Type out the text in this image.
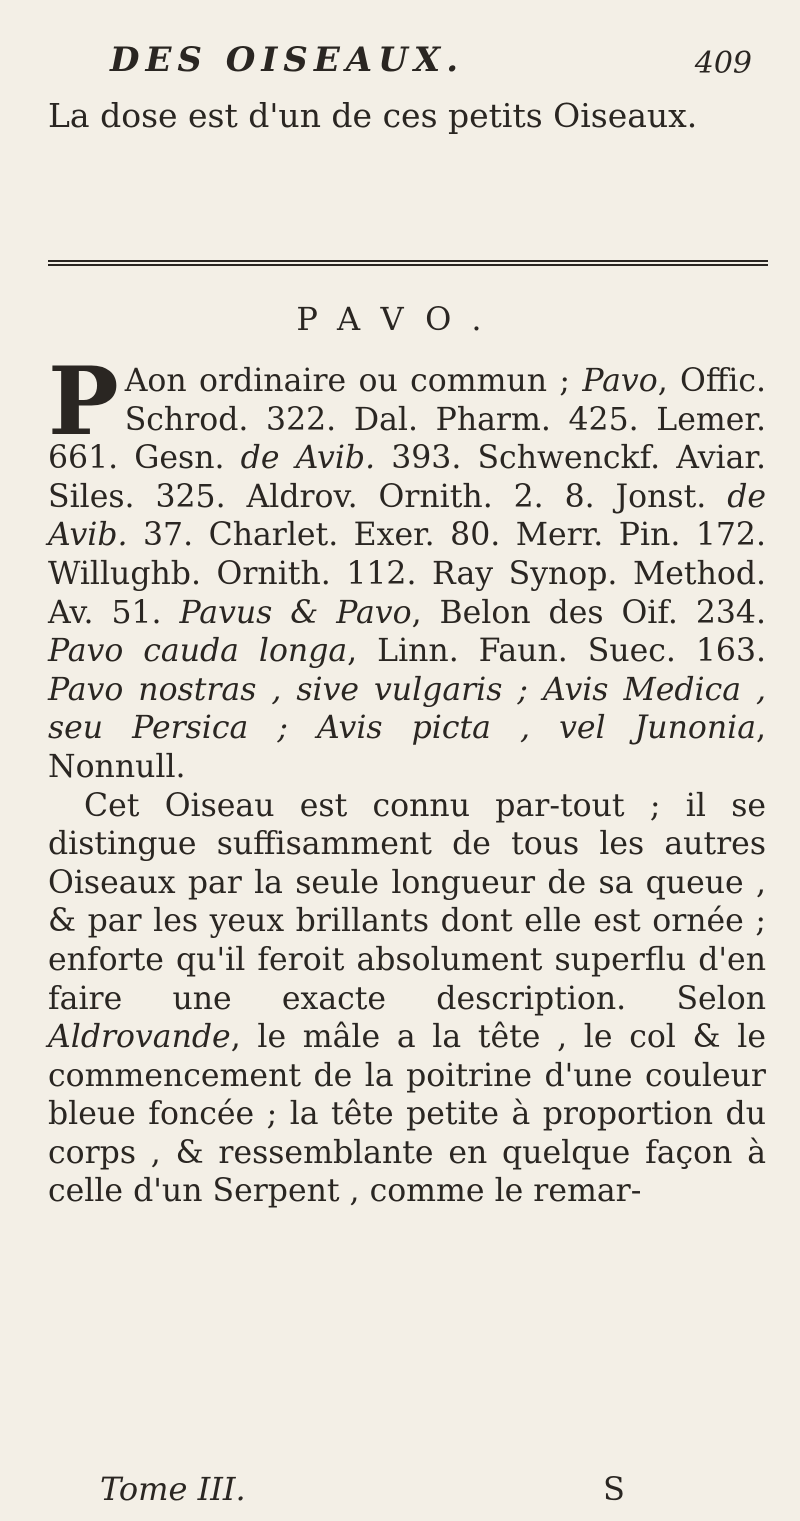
DES OISEAUX.	409
La dose est d'un de ces petits Oiseaux.
PAVO.

P Aon ordinaire ou commun ; Pavo, Offic. Schrod. 322. Dal. Pharm. 425. Lemer. 661. Gesn. de Avib. 393. Schwenckf. Aviar. Siles. 325. Aldrov. Ornith. 2. 8. Jonst. de Avib. 37. Charlet. Exer. 80. Merr. Pin. 172. Willughb. Ornith. 112. Ray Synop. Method. Av. 51. Pavus & Pavo, Belon des Oif. 234. Pavo cauda longa, Linn. Faun. Suec. 163. Pavo nostras , sive vulgaris ; Avis Medica , seu Persica ; Avis picta , vel Junonia, Nonnull.

Cet Oiseau est connu par-tout ; il se distingue suffisamment de tous les autres Oiseaux par la seule longueur de sa queue , & par les yeux brillants dont elle est ornée ; enforte qu'il feroit absolument superflu d'en faire une exacte description. Selon Aldrovande, le mâle a la tête , le col & le commencement de la poitrine d'une couleur bleue foncée ; la tête petite à proportion du corps , & ressemblante en quelque façon à celle d'un Serpent , comme le remar-

Tome III.	S
